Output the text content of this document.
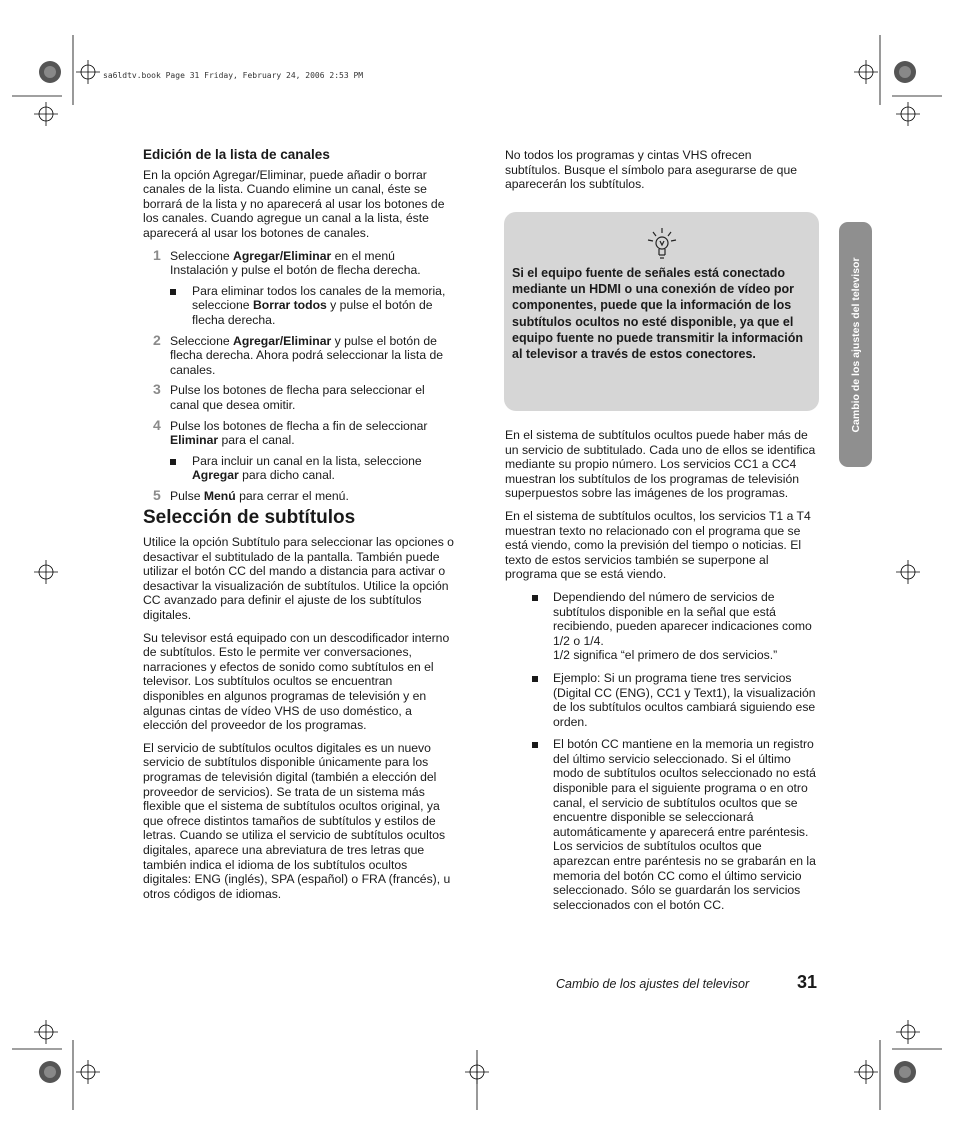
sa6ldtv.book Page 31 Friday, February 24, 2006 2:53 PM
Edición de la lista de canales

En la opción Agregar/Eliminar, puede añadir o borrar canales de la lista. Cuando elimine un canal, éste se borrará de la lista y no aparecerá al usar los botones de los canales. Cuando agregue un canal a la lista, éste aparecerá al usar los botones de canales.

1 Seleccione Agregar/Eliminar en el menú Instalación y pulse el botón de flecha derecha.
Para eliminar todos los canales de la memoria, seleccione Borrar todos y pulse el botón de flecha derecha.
2 Seleccione Agregar/Eliminar y pulse el botón de flecha derecha. Ahora podrá seleccionar la lista de canales.
3 Pulse los botones de flecha para seleccionar el canal que desea omitir.
4 Pulse los botones de flecha a fin de seleccionar Eliminar para el canal.
Para incluir un canal en la lista, seleccione Agregar para dicho canal.
5 Pulse Menú para cerrar el menú.
Selección de subtítulos

Utilice la opción Subtítulo para seleccionar las opciones o desactivar el subtitulado de la pantalla. También puede utilizar el botón CC del mando a distancia para activar o desactivar la visualización de subtítulos. Utilice la opción CC avanzado para definir el ajuste de los subtítulos digitales.

Su televisor está equipado con un descodificador interno de subtítulos. Esto le permite ver conversaciones, narraciones y efectos de sonido como subtítulos en el televisor. Los subtítulos ocultos se encuentran disponibles en algunos programas de televisión y en algunas cintas de vídeo VHS de uso doméstico, a elección del proveedor de los programas.

El servicio de subtítulos ocultos digitales es un nuevo servicio de subtítulos disponible únicamente para los programas de televisión digital (también a elección del proveedor de servicios). Se trata de un sistema más flexible que el sistema de subtítulos ocultos original, ya que ofrece distintos tamaños de subtítulos y estilos de letras. Cuando se utiliza el servicio de subtítulos ocultos digitales, aparece una abreviatura de tres letras que también indica el idioma de los subtítulos ocultos digitales: ENG (inglés), SPA (español) o FRA (francés), u otros códigos de idiomas.

No todos los programas y cintas VHS ofrecen subtítulos. Busque el símbolo para asegurarse de que aparecerán los subtítulos.

Si el equipo fuente de señales está conectado mediante un HDMI o una conexión de vídeo por componentes, puede que la información de los subtítulos ocultos no esté disponible, ya que el equipo fuente no puede transmitir la información al televisor a través de estos conectores.

En el sistema de subtítulos ocultos puede haber más de un servicio de subtitulado. Cada uno de ellos se identifica mediante su propio número. Los servicios CC1 a CC4 muestran los subtítulos de los programas de televisión superpuestos sobre las imágenes de los programas.

En el sistema de subtítulos ocultos, los servicios T1 a T4 muestran texto no relacionado con el programa que se está viendo, como la previsión del tiempo o noticias. El texto de estos servicios también se superpone al programa que se está viendo.

Dependiendo del número de servicios de subtítulos disponible en la señal que está recibiendo, pueden aparecer indicaciones como 1/2 o 1/4.
1/2 significa “el primero de dos servicios.”
Ejemplo: Si un programa tiene tres servicios (Digital CC (ENG), CC1 y Text1), la visualización de los subtítulos ocultos cambiará siguiendo ese orden.
El botón CC mantiene en la memoria un registro del último servicio seleccionado. Si el último modo de subtítulos ocultos seleccionado no está disponible para el siguiente programa o en otro canal, el servicio de subtítulos ocultos que se encuentre disponible se seleccionará automáticamente y aparecerá entre paréntesis. Los servicios de subtítulos ocultos que aparezcan entre paréntesis no se grabarán en la memoria del botón CC como el último servicio seleccionado. Sólo se guardarán los servicios seleccionados con el botón CC.
Cambio de los ajustes del televisor
Cambio de los ajustes del televisor	31
